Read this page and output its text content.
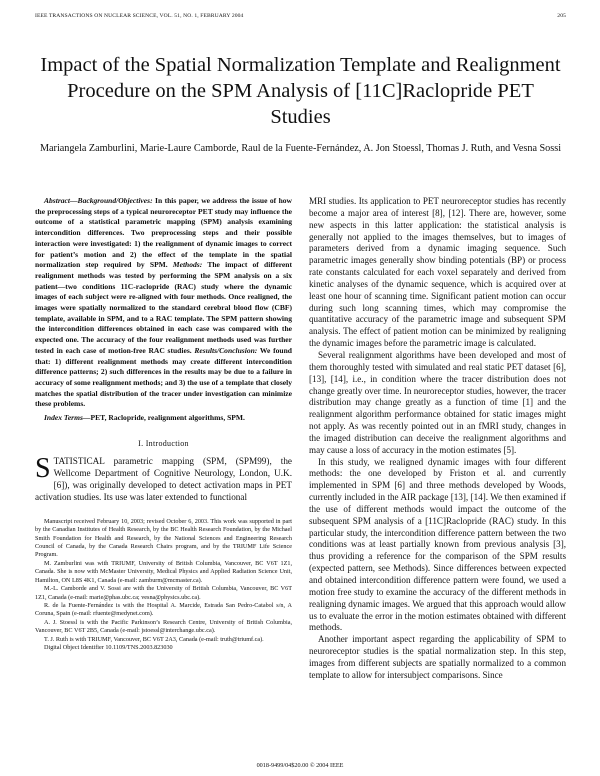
IEEE TRANSACTIONS ON NUCLEAR SCIENCE, VOL. 51, NO. 1, FEBRUARY 2004	205
Impact of the Spatial Normalization Template and Realignment Procedure on the SPM Analysis of [11C]Raclopride PET Studies
Mariangela Zamburlini, Marie-Laure Camborde, Raul de la Fuente-Fernández, A. Jon Stoessl, Thomas J. Ruth, and Vesna Sossi

Abstract—Background/Objectives: In this paper, we address the issue of how the preprocessing steps of a typical neuroreceptor PET study may influence the outcome of a statistical parametric mapping (SPM) analysis examining intercondition differences. Two preprocessing steps and their possible interaction were investigated: 1) the realignment of dynamic images to correct for patient’s motion and 2) the effect of the template in the spatial normalization step required by SPM. Methods: The impact of different realignment methods was tested by performing the SPM analysis on a six patient—two conditions 11C-raclopride (RAC) study where the dynamic images of each subject were re-aligned with four methods. Once realigned, the images were spatially normalized to the standard cerebral blood flow (CBF) template, available in SPM, and to a RAC template. The SPM pattern showing the intercondition differences obtained in each case was compared with the expected one. The accuracy of the four realignment methods used was further tested in each case of motion-free RAC studies. Results/Conclusion: We found that: 1) different realignment methods may create different intercondition difference patterns; 2) such differences in the results may be due to a failure in accuracy of some realignment methods; and 3) the use of a template that closely matches the spatial distribution of the tracer under investigation can minimize these problems.

Index Terms—PET, Raclopride, realignment algorithms, SPM.

I. Introduction

STATISTICAL parametric mapping (SPM, (SPM99), the Wellcome Department of Cognitive Neurology, London, U.K. [6]), was originally developed to detect activation maps in PET activation studies. Its use was later extended to functional

Manuscript received February 10, 2003; revised October 6, 2003. This work was supported in part by the Canadian Institutes of Health Research, by the BC Health Research Foundation, by the Michael Smith Foundation for Health and Research, by the National Sciences and Engineering Research Council of Canada, by the Canada Research Chairs program, and by the TRIUMF Life Science Program.

M. Zamburlini was with TRIUMF, University of British Columbia, Vancouver, BC V6T 1Z1, Canada. She is now with McMaster University, Medical Physics and Applied Radiation Science Unit, Hamilton, ON L8S 4K1, Canada (e-mail: zamburm@mcmaster.ca).

M.-L. Camborde and V. Sossi are with the University of British Columbia, Vancouver, BC V6T 1Z1, Canada (e-mail: marie@phas.ubc.ca; vesna@physics.ubc.ca).

R. de la Fuente-Fernández is with the Hospital A. Marcide, Estrada San Pedro-Catabol s/n, A Coruna, Spain (e-mail: rfuente@medynet.com).

A. J. Stoessl is with the Pacific Parkinson’s Research Centre, University of British Columbia, Vancouver, BC V6T 2B5, Canada (e-mail: jstoessl@interchange.ubc.ca).

T. J. Ruth is with TRIUMF, Vancouver, BC V6T 2A3, Canada (e-mail: truth@triumf.ca).

Digital Object Identifier 10.1109/TNS.2003.823030

MRI studies. Its application to PET neuroreceptor studies has recently become a major area of interest [8], [12]. There are, however, some new aspects in this latter application: the statistical analysis is generally not applied to the images themselves, but to images of parameters derived from a dynamic imaging sequence. Such parametric images generally show binding potentials (BP) or process rate constants calculated for each voxel separately and derived from kinetic analyses of the dynamic sequence, which is acquired over at least one hour of scanning time. Significant patient motion can occur during such long scanning times, which may compromise the quantitative accuracy of the parametric image and subsequent SPM analysis. The effect of patient motion can be minimized by realigning the dynamic images before the parametric image is calculated.

Several realignment algorithms have been developed and most of them thoroughly tested with simulated and real static PET dataset [6], [13], [14], i.e., in condition where the tracer distribution does not change greatly over time. In neuroreceptor studies, however, the tracer distribution may change greatly as a function of time [1] and the realignment algorithm performance obtained for static images might not apply. As was recently pointed out in an fMRI study, changes in the imaged distribution can deceive the realignment algorithms and may cause a loss of accuracy in the motion estimates [5].

In this study, we realigned dynamic images with four different methods: the one developed by Friston et al. and currently implemented in SPM [6] and three methods developed by Woods, currently included in the AIR package [13], [14]. We then examined if the use of different methods would impact the outcome of the subsequent SPM analysis of a [11C]Raclopride (RAC) study. In this particular study, the intercondition difference pattern between the two conditions was at least partially known from previous analysis [3], thus providing a reference for the comparison of the SPM results (expected pattern, see Methods). Since differences between expected and obtained intercondition difference pattern were found, we used a motion free study to examine the accuracy of the different methods in realigning dynamic images. We argued that this approach would allow us to evaluate the error in the motion estimates obtained with different methods.

Another important aspect regarding the applicability of SPM to neuroreceptor studies is the spatial normalization step. In this step, images from different subjects are spatially normalized to a common template to allow for intersubject comparisons. Since

0018-9499/04$20.00 © 2004 IEEE
